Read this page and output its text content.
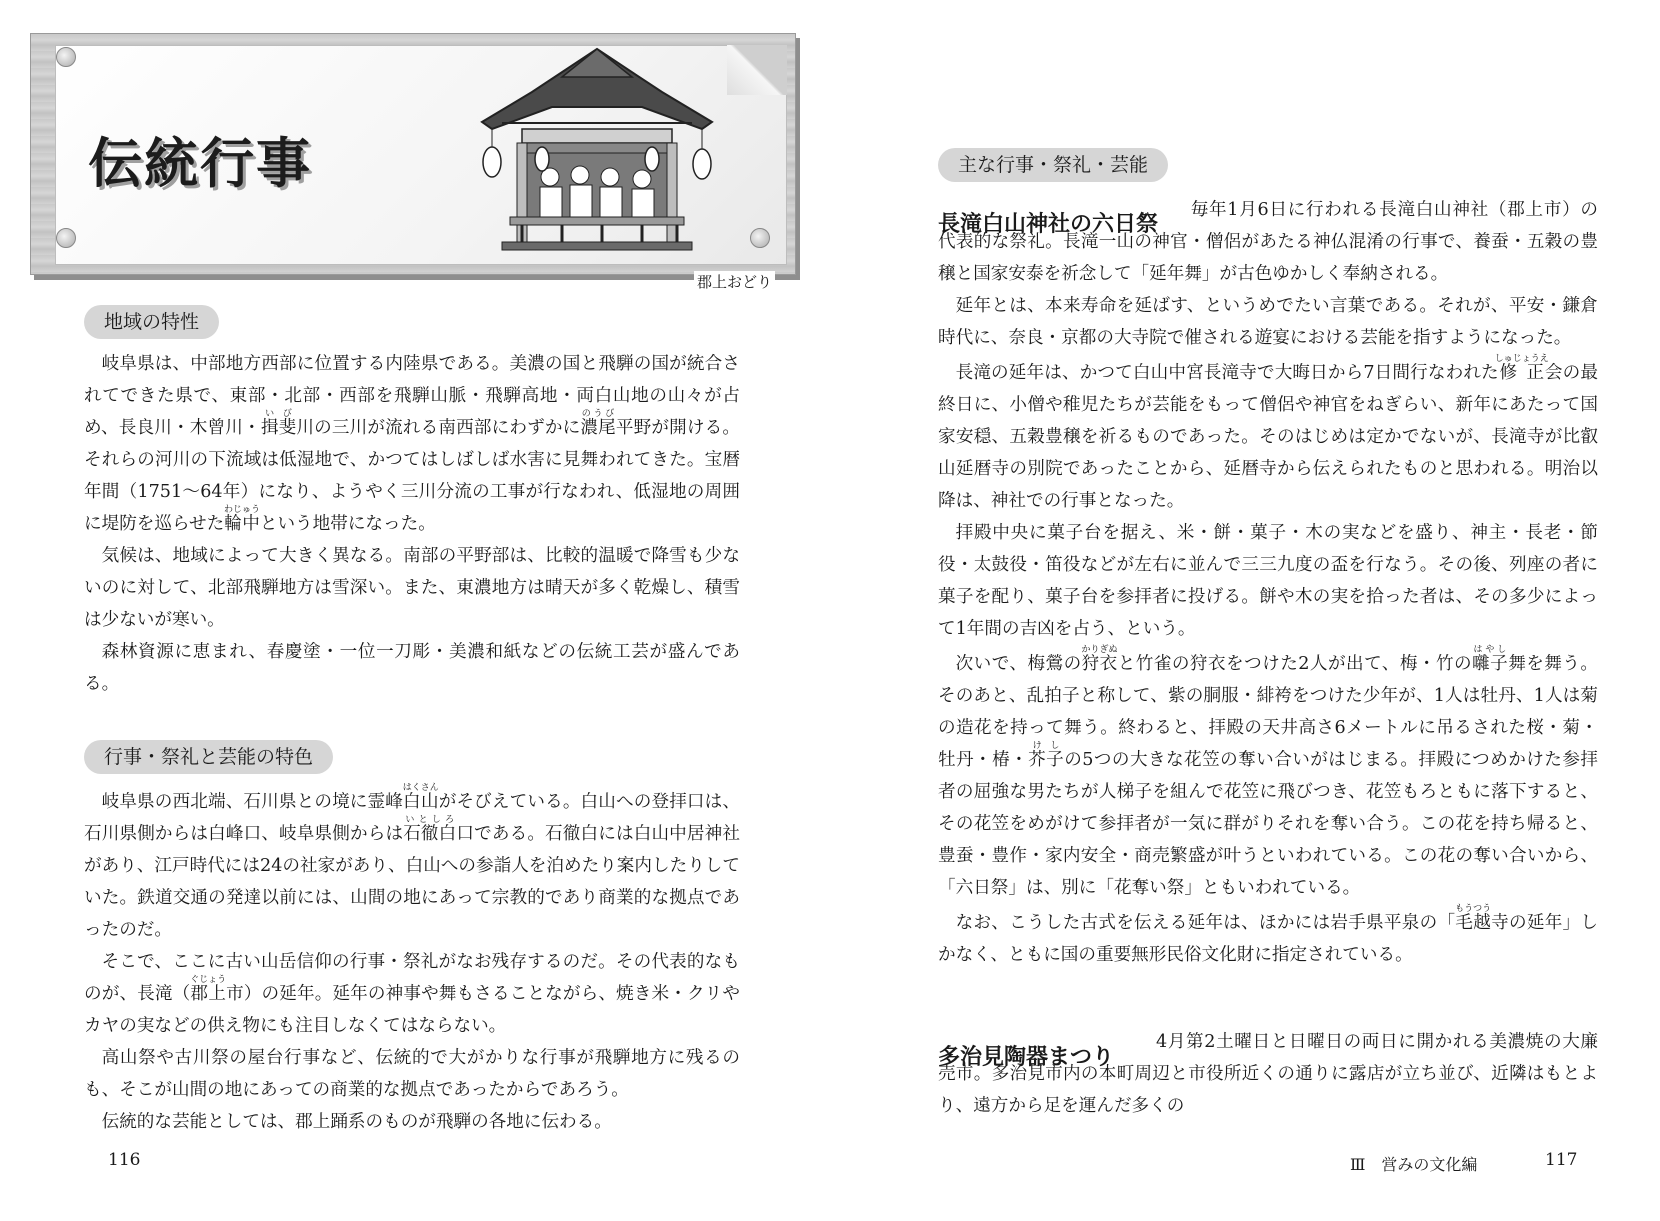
伝統行事
郡上おどり
地域の特性

岐阜県は、中部地方西部に位置する内陸県である。美濃の国と飛騨の国が統合されてできた県で、東部・北部・西部を飛騨山脈・飛騨高地・両白山地の山々が占め、長良川・木曾川・揖斐いび川の三川が流れる南西部にわずかに濃尾のうび平野が開ける。それらの河川の下流域は低湿地で、かつてはしばしば水害に見舞われてきた。宝暦年間（1751～64年）になり、ようやく三川分流の工事が行なわれ、低湿地の周囲に堤防を巡らせた輪中わじゅうという地帯になった。

気候は、地域によって大きく異なる。南部の平野部は、比較的温暖で降雪も少ないのに対して、北部飛騨地方は雪深い。また、東濃地方は晴天が多く乾燥し、積雪は少ないが寒い。

森林資源に恵まれ、春慶塗・一位一刀彫・美濃和紙などの伝統工芸が盛んである。

行事・祭礼と芸能の特色

岐阜県の西北端、石川県との境に霊峰白山はくさんがそびえている。白山への登拝口は、石川県側からは白峰口、岐阜県側からは石徹白いとしろ口である。石徹白には白山中居神社があり、江戸時代には24の社家があり、白山への参詣人を泊めたり案内したりしていた。鉄道交通の発達以前には、山間の地にあって宗教的であり商業的な拠点であったのだ。

そこで、ここに古い山岳信仰の行事・祭礼がなお残存するのだ。その代表的なものが、長滝（郡上ぐじょう市）の延年。延年の神事や舞もさることながら、焼き米・クリやカヤの実などの供え物にも注目しなくてはならない。

高山祭や古川祭の屋台行事など、伝統的で大がかりな行事が飛騨地方に残るのも、そこが山間の地にあっての商業的な拠点であったからであろう。

伝統的な芸能としては、郡上踊系のものが飛騨の各地に伝わる。

116
主な行事・祭礼・芸能
長滝白山神社の六日祭

毎年1月6日に行われる長滝白山神社（郡上市）の代表的な祭礼。長滝一山の神官・僧侶があたる神仏混淆の行事で、養蚕・五穀の豊穣と国家安泰を祈念して「延年舞」が古色ゆかしく奉納される。

延年とは、本来寿命を延ばす、というめでたい言葉である。それが、平安・鎌倉時代に、奈良・京都の大寺院で催される遊宴における芸能を指すようになった。

長滝の延年は、かつて白山中宮長滝寺で大晦日から7日間行なわれた修正しゅじょうえ会の最終日に、小僧や稚児たちが芸能をもって僧侶や神官をねぎらい、新年にあたって国家安穏、五穀豊穣を祈るものであった。そのはじめは定かでないが、長滝寺が比叡山延暦寺の別院であったことから、延暦寺から伝えられたものと思われる。明治以降は、神社での行事となった。

拝殿中央に菓子台を据え、米・餅・菓子・木の実などを盛り、神主・長老・節役・太鼓役・笛役などが左右に並んで三三九度の盃を行なう。その後、列座の者に菓子を配り、菓子台を参拝者に投げる。餅や木の実を拾った者は、その多少によって1年間の吉凶を占う、という。

次いで、梅鶯の狩衣かりぎぬと竹雀の狩衣をつけた2人が出て、梅・竹の囃子はやし舞を舞う。そのあと、乱拍子と称して、紫の胴服・緋袴をつけた少年が、1人は牡丹、1人は菊の造花を持って舞う。終わると、拝殿の天井高さ6メートルに吊るされた桜・菊・牡丹・椿・芥子けしの5つの大きな花笠の奪い合いがはじまる。拝殿につめかけた参拝者の屈強な男たちが人梯子を組んで花笠に飛びつき、花笠もろともに落下すると、その花笠をめがけて参拝者が一気に群がりそれを奪い合う。この花を持ち帰ると、豊蚕・豊作・家内安全・商売繁盛が叶うといわれている。この花の奪い合いから、「六日祭」は、別に「花奪い祭」ともいわれている。

なお、こうした古式を伝える延年は、ほかには岩手県平泉の「毛越もうつう寺の延年」しかなく、ともに国の重要無形民俗文化財に指定されている。

多治見陶器まつり

4月第2土曜日と日曜日の両日に開かれる美濃焼の大廉売市。多治見市内の本町周辺と市役所近くの通りに露店が立ち並び、近隣はもとより、遠方から足を運んだ多くの

Ⅲ　営みの文化編	117
